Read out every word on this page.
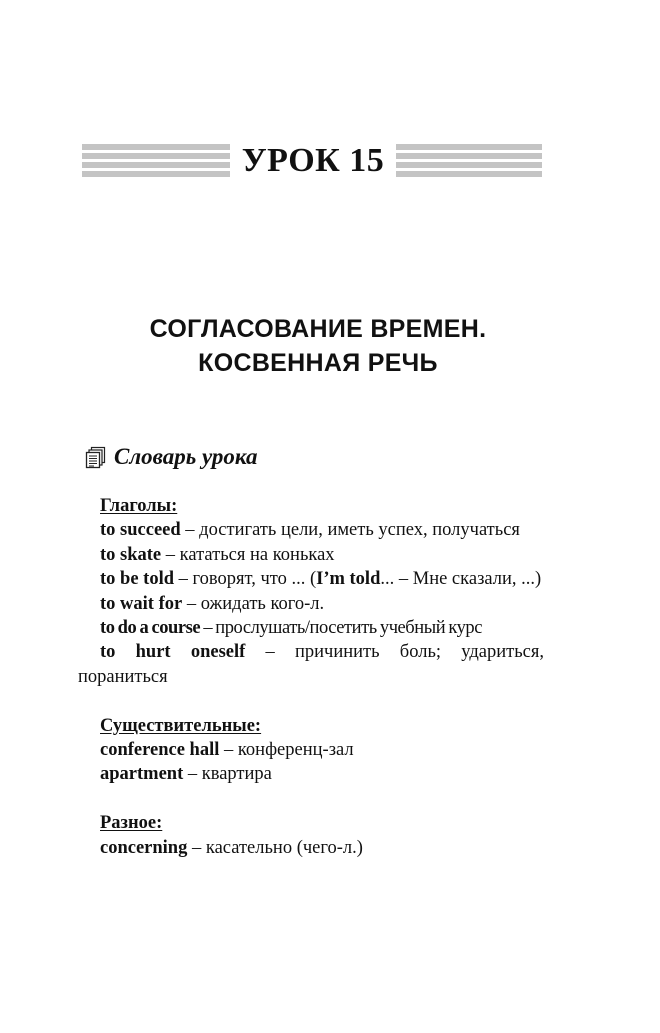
УРОК 15
СОГЛАСОВАНИЕ ВРЕМЕН.
КОСВЕННАЯ РЕЧЬ
Словарь урока
Глаголы:
to succeed – достигать цели, иметь успех, получаться
to skate – кататься на коньках
to be told – говорят, что ... (I’m told... – Мне сказали, ...)
to wait for – ожидать кого-л.
to do a course – прослушать/посетить учебный курс
to hurt oneself – причинить боль; удариться, пораниться
Существительные:
conference hall – конференц-зал
apartment – квартира
Разное:
concerning – касательно (чего-л.)
